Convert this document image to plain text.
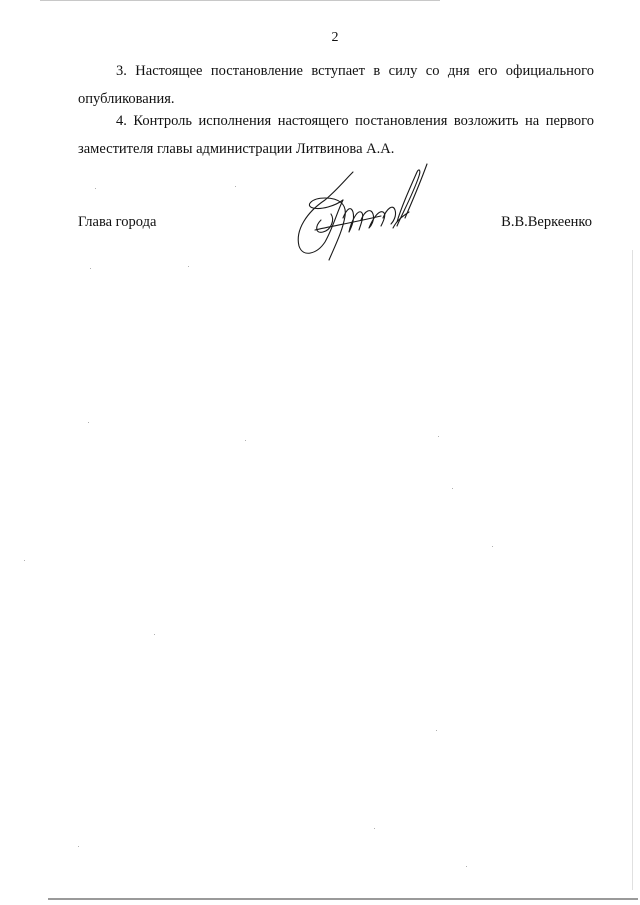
2
3. Настоящее постановление вступает в силу со дня его официального
опубликования.
4. Контроль исполнения настоящего постановления возложить на первого
заместителя главы администрации Литвинова А.А.
Глава города	В.В.Веркеенко
